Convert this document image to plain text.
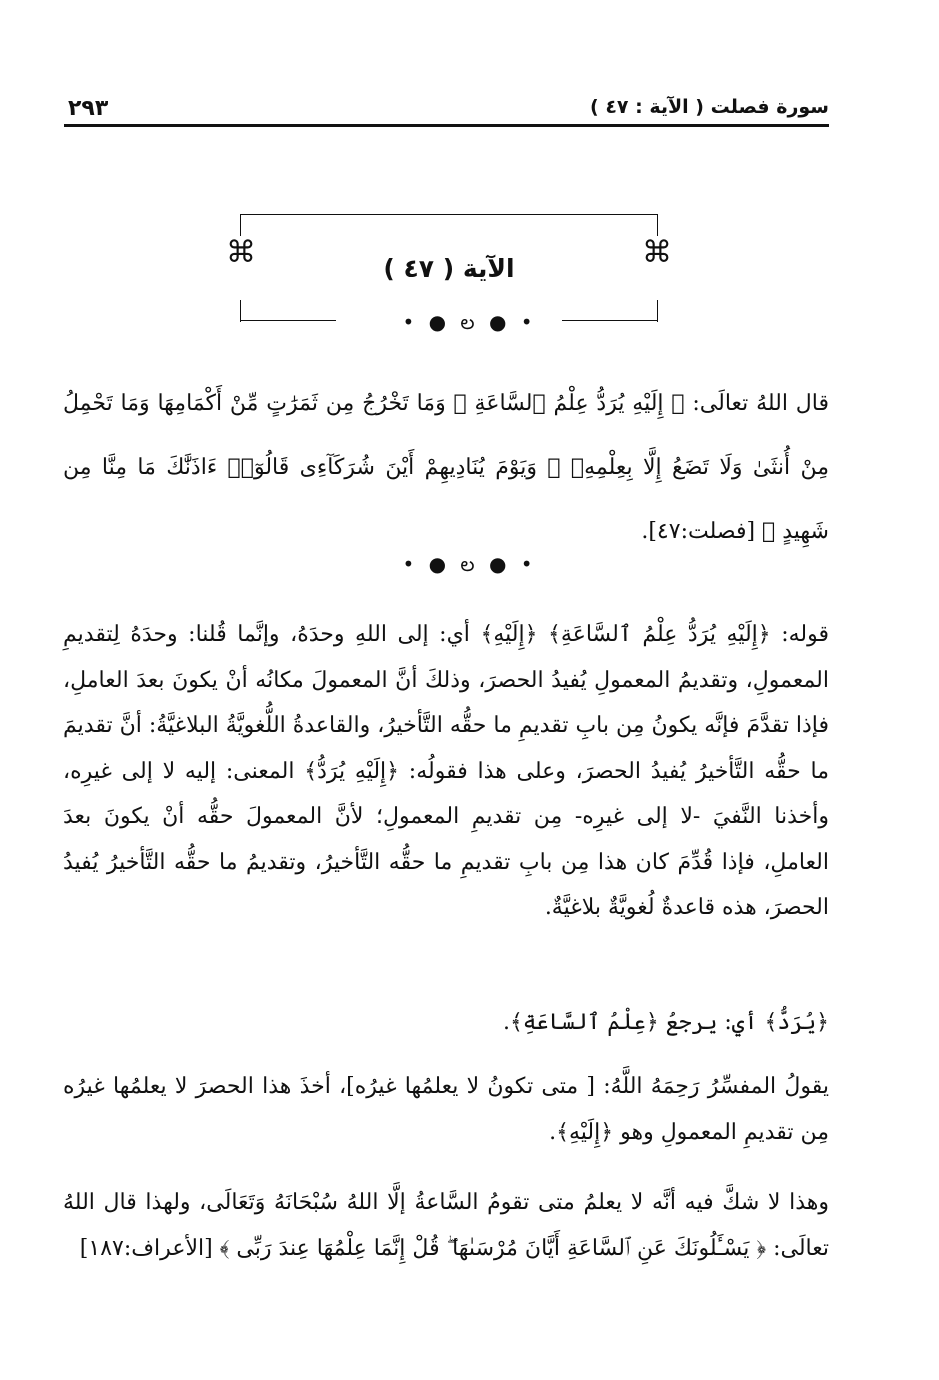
٢٩٣	سورة فصلت ( الآية : ٤٧ )
⌘	⌘
الآية ( ٤٧ )
• ● ల ● •
قال اللهُ تعالَى: ﴿ إِلَيْهِ يُرَدُّ عِلْمُ ٱلسَّاعَةِ ۚ وَمَا تَخْرُجُ مِن ثَمَرَٰتٍ مِّنْ أَكْمَامِهَا وَمَا تَحْمِلُ مِنْ أُنثَىٰ وَلَا تَضَعُ إِلَّا بِعِلْمِهِۦ ۚ وَيَوْمَ يُنَادِيهِمْ أَيْنَ شُرَكَآءِى قَالُوٓا۟ ءَاذَنَّٰكَ مَا مِنَّا مِن شَهِيدٍ ﴾ [فصلت:٤٧].
• ● ల ● •
قوله: ﴿إِلَيْهِ يُرَدُّ عِلْمُ ٱلسَّاعَةِ﴾ ﴿إِلَيْهِ﴾ أي: إلى اللهِ وحدَهُ، وإنَّما قُلنا: وحدَهُ لِتقديمِ المعمولِ، وتقديمُ المعمولِ يُفيدُ الحصرَ، وذلكَ أنَّ المعمولَ مكانُه أنْ يكونَ بعدَ العاملِ، فإذا تقدَّمَ فإنَّه يكونُ مِن بابِ تقديمِ ما حقُّه التَّأخيرُ، والقاعدةُ اللُّغويَّةُ البلاغيَّةُ: أنَّ تقديمَ ما حقُّه التَّأخيرُ يُفيدُ الحصرَ، وعلى هذا فقولُه: ﴿إِلَيْهِ يُرَدُّ﴾ المعنى: إليه لا إلى غيرِه، وأخذنا النَّفيَ -لا إلى غيرِه- مِن تقديمِ المعمولِ؛ لأنَّ المعمولَ حقُّه أنْ يكونَ بعدَ العاملِ، فإذا قُدِّمَ كان هذا مِن بابِ تقديمِ ما حقُّه التَّأخيرُ، وتقديمُ ما حقُّه التَّأخيرُ يُفيدُ الحصرَ، هذه قاعدةٌ لُغويَّةٌ بلاغيَّةٌ.
﴿يُرَدُّ﴾ أي: يرجعُ ﴿عِلْمُ ٱلسَّاعَةِ﴾.
يقولُ المفسِّرُ رَحِمَهُ اللَّهُ: [ متى تكونُ لا يعلمُها غيرُه]، أخذَ هذا الحصرَ لا يعلمُها غيرُه مِن تقديمِ المعمولِ وهو ﴿إِلَيْهِ﴾.
وهذا لا شكَّ فيه أنَّه لا يعلمُ متى تقومُ السَّاعةُ إلَّا اللهُ سُبْحَانَهُ وَتَعَالَى، ولهذا قال اللهُ تعالَى: ﴿ يَسْـَٔلُونَكَ عَنِ ٱلسَّاعَةِ أَيَّانَ مُرْسَىٰهَا ۖ قُلْ إِنَّمَا عِلْمُهَا عِندَ رَبِّى ﴾ [الأعراف:١٨٧]
